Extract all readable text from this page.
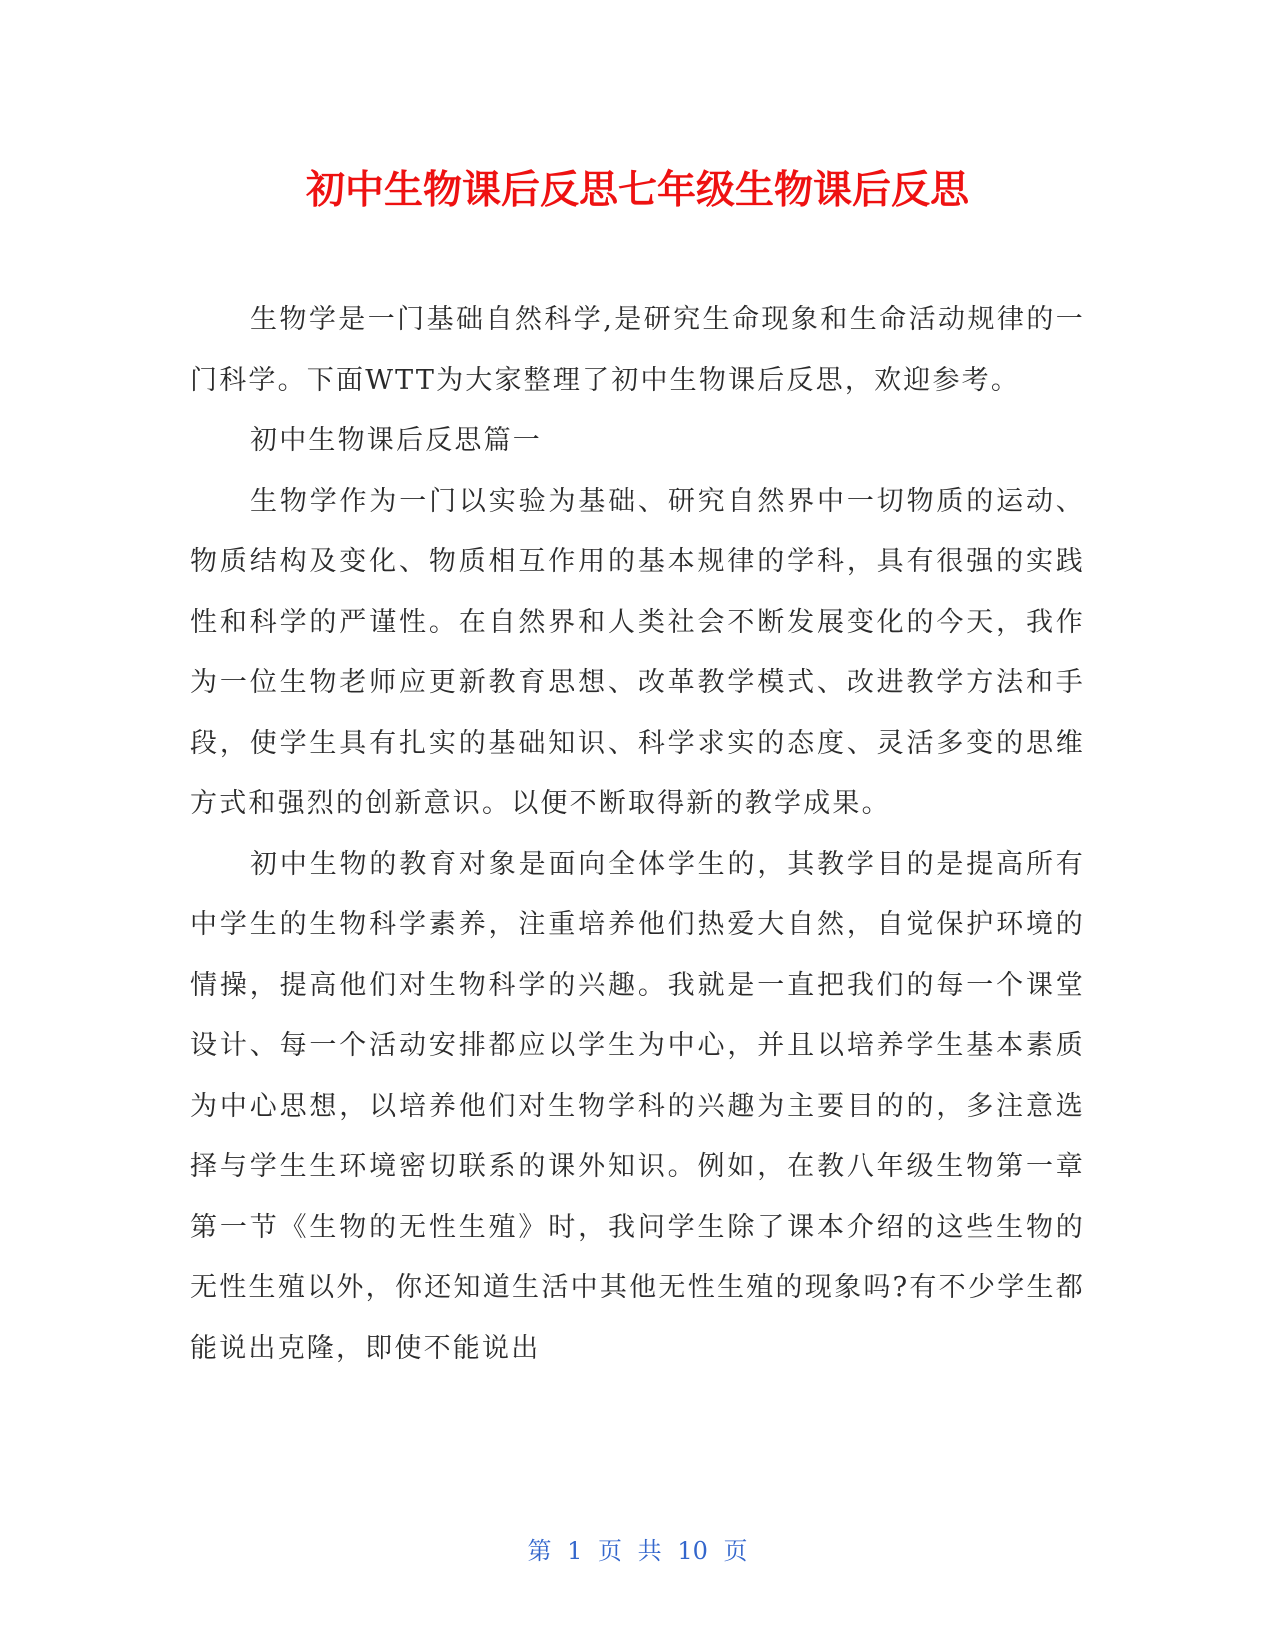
初中生物课后反思七年级生物课后反思

生物学是一门基础自然科学,是研究生命现象和生命活动规律的一门科学。下面WTT为大家整理了初中生物课后反思，欢迎参考。

初中生物课后反思篇一

生物学作为一门以实验为基础、研究自然界中一切物质的运动、物质结构及变化、物质相互作用的基本规律的学科，具有很强的实践性和科学的严谨性。在自然界和人类社会不断发展变化的今天，我作为一位生物老师应更新教育思想、改革教学模式、改进教学方法和手段，使学生具有扎实的基础知识、科学求实的态度、灵活多变的思维方式和强烈的创新意识。以便不断取得新的教学成果。

初中生物的教育对象是面向全体学生的，其教学目的是提高所有中学生的生物科学素养，注重培养他们热爱大自然，自觉保护环境的情操，提高他们对生物科学的兴趣。我就是一直把我们的每一个课堂设计、每一个活动安排都应以学生为中心，并且以培养学生基本素质为中心思想，以培养他们对生物学科的兴趣为主要目的的，多注意选择与学生生环境密切联系的课外知识。例如，在教八年级生物第一章第一节《生物的无性生殖》时，我问学生除了课本介绍的这些生物的无性生殖以外，你还知道生活中其他无性生殖的现象吗?有不少学生都能说出克隆，即使不能说出

第 1 页 共 10 页
